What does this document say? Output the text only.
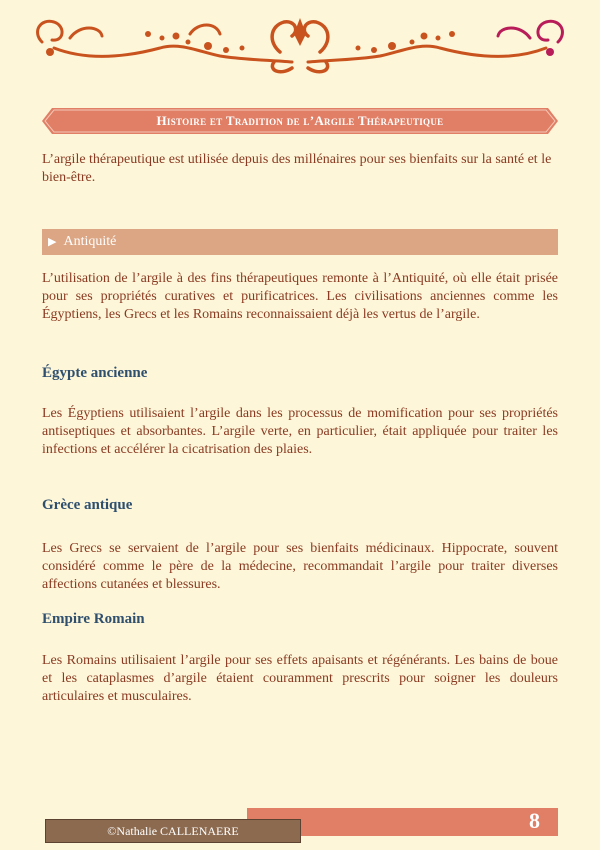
Histoire et Tradition de l’Argile Thérapeutique
L’argile thérapeutique est utilisée depuis des millénaires pour ses bienfaits sur la santé et le bien-être.
▶ Antiquité
L’utilisation de l’argile à des fins thérapeutiques remonte à l’Antiquité, où elle était prisée pour ses propriétés curatives et purificatrices. Les civilisations anciennes comme les Égyptiens, les Grecs et les Romains reconnaissaient déjà les vertus de l’argile.
Égypte ancienne
Les Égyptiens utilisaient l’argile dans les processus de momification pour ses propriétés antiseptiques et absorbantes. L’argile verte, en particulier, était appliquée pour traiter les infections et accélérer la cicatrisation des plaies.
Grèce antique
Les Grecs se servaient de l’argile pour ses bienfaits médicinaux. Hippocrate, souvent considéré comme le père de la médecine, recommandait l’argile pour traiter diverses affections cutanées et blessures.
Empire Romain
Les Romains utilisaient l’argile pour ses effets apaisants et régénérants. Les bains de boue et les cataplasmes d’argile étaient couramment prescrits pour soigner les douleurs articulaires et musculaires.
8
©Nathalie CALLENAERE
